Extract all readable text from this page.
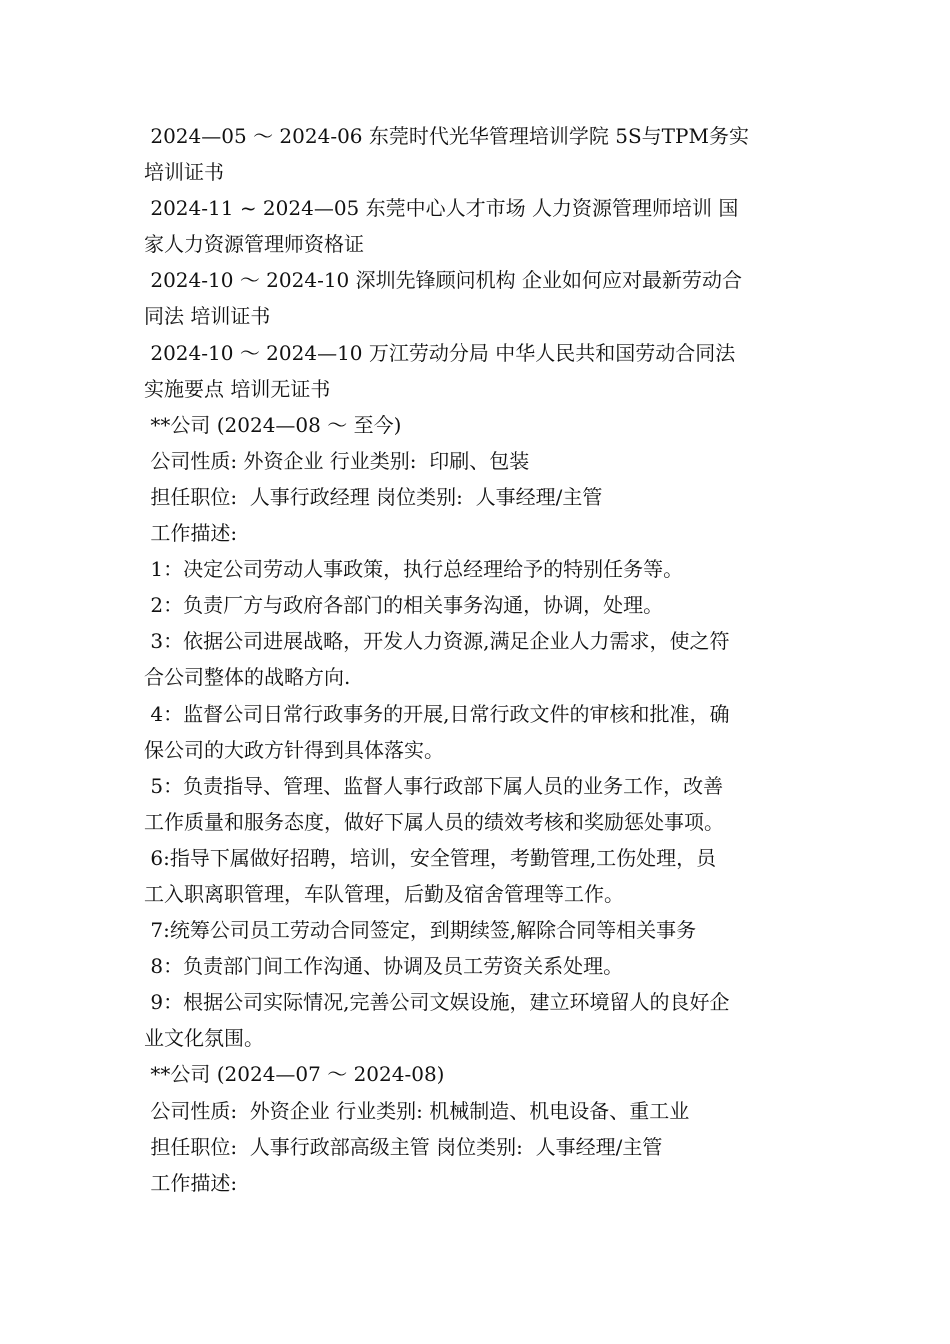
2024—05 ～ 2024-06 东莞时代光华管理培训学院 5S与TPM务实
培训证书
2024-11 ~ 2024—05 东莞中心人才市场 人力资源管理师培训 国
家人力资源管理师资格证
2024-10 ～ 2024-10 深圳先锋顾问机构 企业如何应对最新劳动合
同法 培训证书
2024-10 ～ 2024—10 万江劳动分局 中华人民共和国劳动合同法
实施要点 培训无证书
**公司 (2024—08 ～ 至今)
公司性质: 外资企业 行业类别:  印刷、包装
担任职位:  人事行政经理 岗位类别:  人事经理/主管
工作描述:
1：决定公司劳动人事政策，执行总经理给予的特别任务等。
2：负责厂方与政府各部门的相关事务沟通，协调，处理。
3：依据公司进展战略，开发人力资源,满足企业人力需求，使之符
合公司整体的战略方向.
4：监督公司日常行政事务的开展,日常行政文件的审核和批准，确
保公司的大政方针得到具体落实。
5：负责指导、管理、监督人事行政部下属人员的业务工作，改善
工作质量和服务态度，做好下属人员的绩效考核和奖励惩处事项。
6:指导下属做好招聘，培训，安全管理，考勤管理,工伤处理，员
工入职离职管理，车队管理，后勤及宿舍管理等工作。
7:统筹公司员工劳动合同签定，到期续签,解除合同等相关事务
8：负责部门间工作沟通、协调及员工劳资关系处理。
9：根据公司实际情况,完善公司文娱设施，建立环境留人的良好企
业文化氛围。
**公司 (2024—07 ～ 2024-08)
公司性质:  外资企业 行业类别: 机械制造、机电设备、重工业
担任职位:  人事行政部高级主管 岗位类别:  人事经理/主管
工作描述:
